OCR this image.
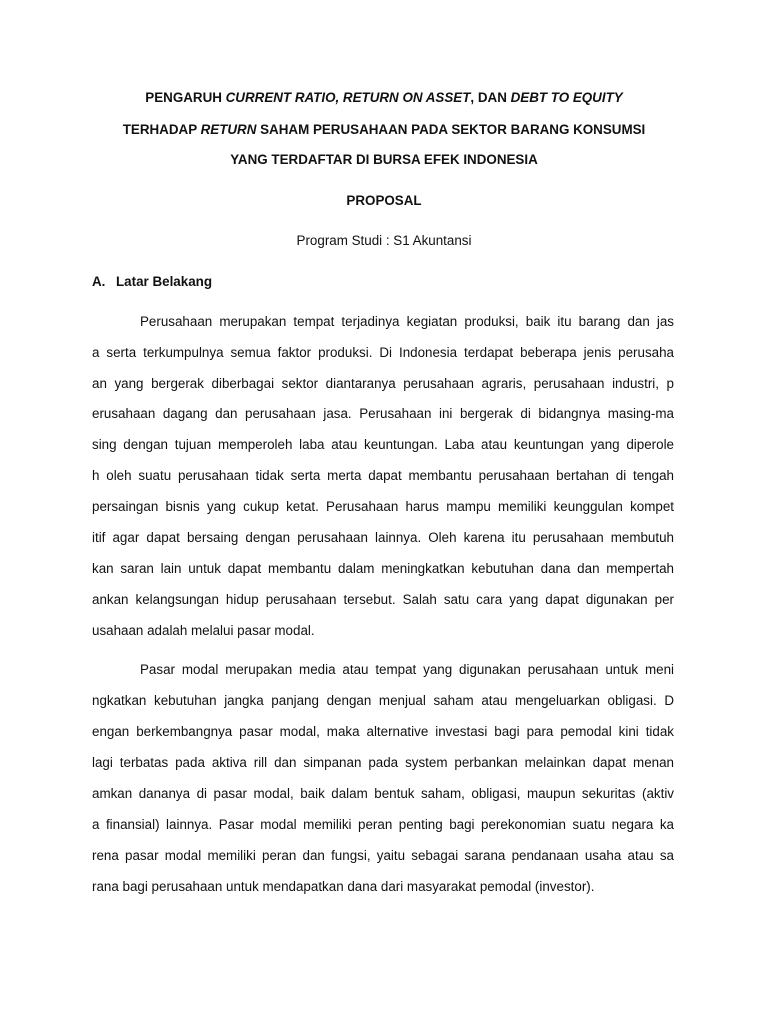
PENGARUH CURRENT RATIO, RETURN ON ASSET, DAN DEBT TO EQUITY
TERHADAP RETURN SAHAM PERUSAHAAN PADA SEKTOR BARANG KONSUMSI
YANG TERDAFTAR DI BURSA EFEK INDONESIA
PROPOSAL
Program Studi : S1 Akuntansi
A. Latar Belakang
Perusahaan merupakan tempat terjadinya kegiatan produksi, baik itu barang dan jas
a serta terkumpulnya semua faktor produksi. Di Indonesia terdapat beberapa jenis perusaha
an yang bergerak diberbagai sektor diantaranya perusahaan agraris, perusahaan industri, p
erusahaan dagang dan perusahaan jasa. Perusahaan ini bergerak di bidangnya masing-ma
sing dengan tujuan memperoleh laba atau keuntungan. Laba atau keuntungan yang diperole
h oleh suatu perusahaan tidak serta merta dapat membantu perusahaan bertahan di tengah
persaingan bisnis yang cukup ketat. Perusahaan harus mampu memiliki keunggulan kompet
itif agar dapat bersaing dengan perusahaan lainnya. Oleh karena itu perusahaan membutuh
kan saran lain untuk dapat membantu dalam meningkatkan kebutuhan dana dan mempertah
ankan kelangsungan hidup perusahaan tersebut. Salah satu cara yang dapat digunakan per
usahaan adalah melalui pasar modal.
Pasar modal merupakan media atau tempat yang digunakan perusahaan untuk meni
ngkatkan kebutuhan jangka panjang dengan menjual saham atau mengeluarkan obligasi. D
engan berkembangnya pasar modal, maka alternative investasi bagi para pemodal kini tidak
lagi terbatas pada aktiva rill dan simpanan pada system perbankan melainkan dapat menan
amkan dananya di pasar modal, baik dalam bentuk saham, obligasi, maupun sekuritas (aktiv
a finansial) lainnya. Pasar modal memiliki peran penting bagi perekonomian suatu negara ka
rena pasar modal memiliki peran dan fungsi, yaitu sebagai sarana pendanaan usaha atau sa
rana bagi perusahaan untuk mendapatkan dana dari masyarakat pemodal (investor).
